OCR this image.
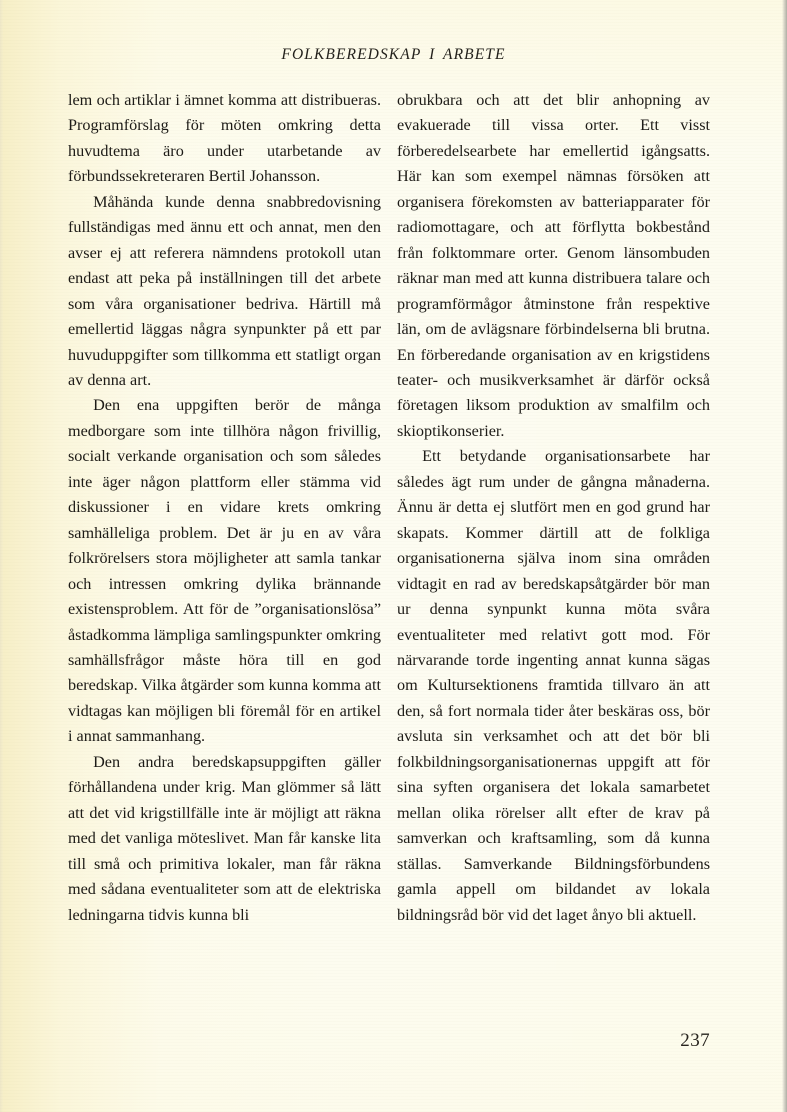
FOLKBEREDSKAP I ARBETE

lem och artiklar i ämnet komma att distribueras. Programförslag för möten omkring detta huvudtema äro under utarbetande av förbundssekreteraren Bertil Johansson.

Måhända kunde denna snabbredovisning fullständigas med ännu ett och annat, men den avser ej att referera nämndens protokoll utan endast att peka på inställningen till det arbete som våra organisationer bedriva. Härtill må emellertid läggas några synpunkter på ett par huvuduppgifter som tillkomma ett statligt organ av denna art.

Den ena uppgiften berör de många medborgare som inte tillhöra någon frivillig, socialt verkande organisation och som således inte äger någon plattform eller stämma vid diskussioner i en vidare krets omkring samhälleliga problem. Det är ju en av våra folkrörelsers stora möjligheter att samla tankar och intressen omkring dylika brännande existensproblem. Att för de ”organisationslösa” åstadkomma lämpliga samlingspunkter omkring samhällsfrågor måste höra till en god beredskap. Vilka åtgärder som kunna komma att vidtagas kan möjligen bli föremål för en artikel i annat sammanhang.

Den andra beredskapsuppgiften gäller förhållandena under krig. Man glömmer så lätt att det vid krigstillfälle inte är möjligt att räkna med det vanliga möteslivet. Man får kanske lita till små och primitiva lokaler, man får räkna med sådana eventualiteter som att de elektriska ledningarna tidvis kunna bli

obrukbara och att det blir anhopning av evakuerade till vissa orter. Ett visst förberedelsearbete har emellertid igångsatts. Här kan som exempel nämnas försöken att organisera förekomsten av batteriapparater för radiomottagare, och att förflytta bokbestånd från folktommare orter. Genom länsombuden räknar man med att kunna distribuera talare och programförmågor åtminstone från respektive län, om de avlägsnare förbindelserna bli brutna. En förberedande organisation av en krigstidens teater- och musikverksamhet är därför också företagen liksom produktion av smalfilm och skioptikonserier.

Ett betydande organisationsarbete har således ägt rum under de gångna månaderna. Ännu är detta ej slutfört men en god grund har skapats. Kommer därtill att de folkliga organisationerna själva inom sina områden vidtagit en rad av beredskapsåtgärder bör man ur denna synpunkt kunna möta svåra eventualiteter med relativt gott mod. För närvarande torde ingenting annat kunna sägas om Kultursektionens framtida tillvaro än att den, så fort normala tider åter beskäras oss, bör avsluta sin verksamhet och att det bör bli folkbildningsorganisationernas uppgift att för sina syften organisera det lokala samarbetet mellan olika rörelser allt efter de krav på samverkan och kraftsamling, som då kunna ställas. Samverkande Bildningsförbundens gamla appell om bildandet av lokala bildningsråd bör vid det laget ånyo bli aktuell.

237
